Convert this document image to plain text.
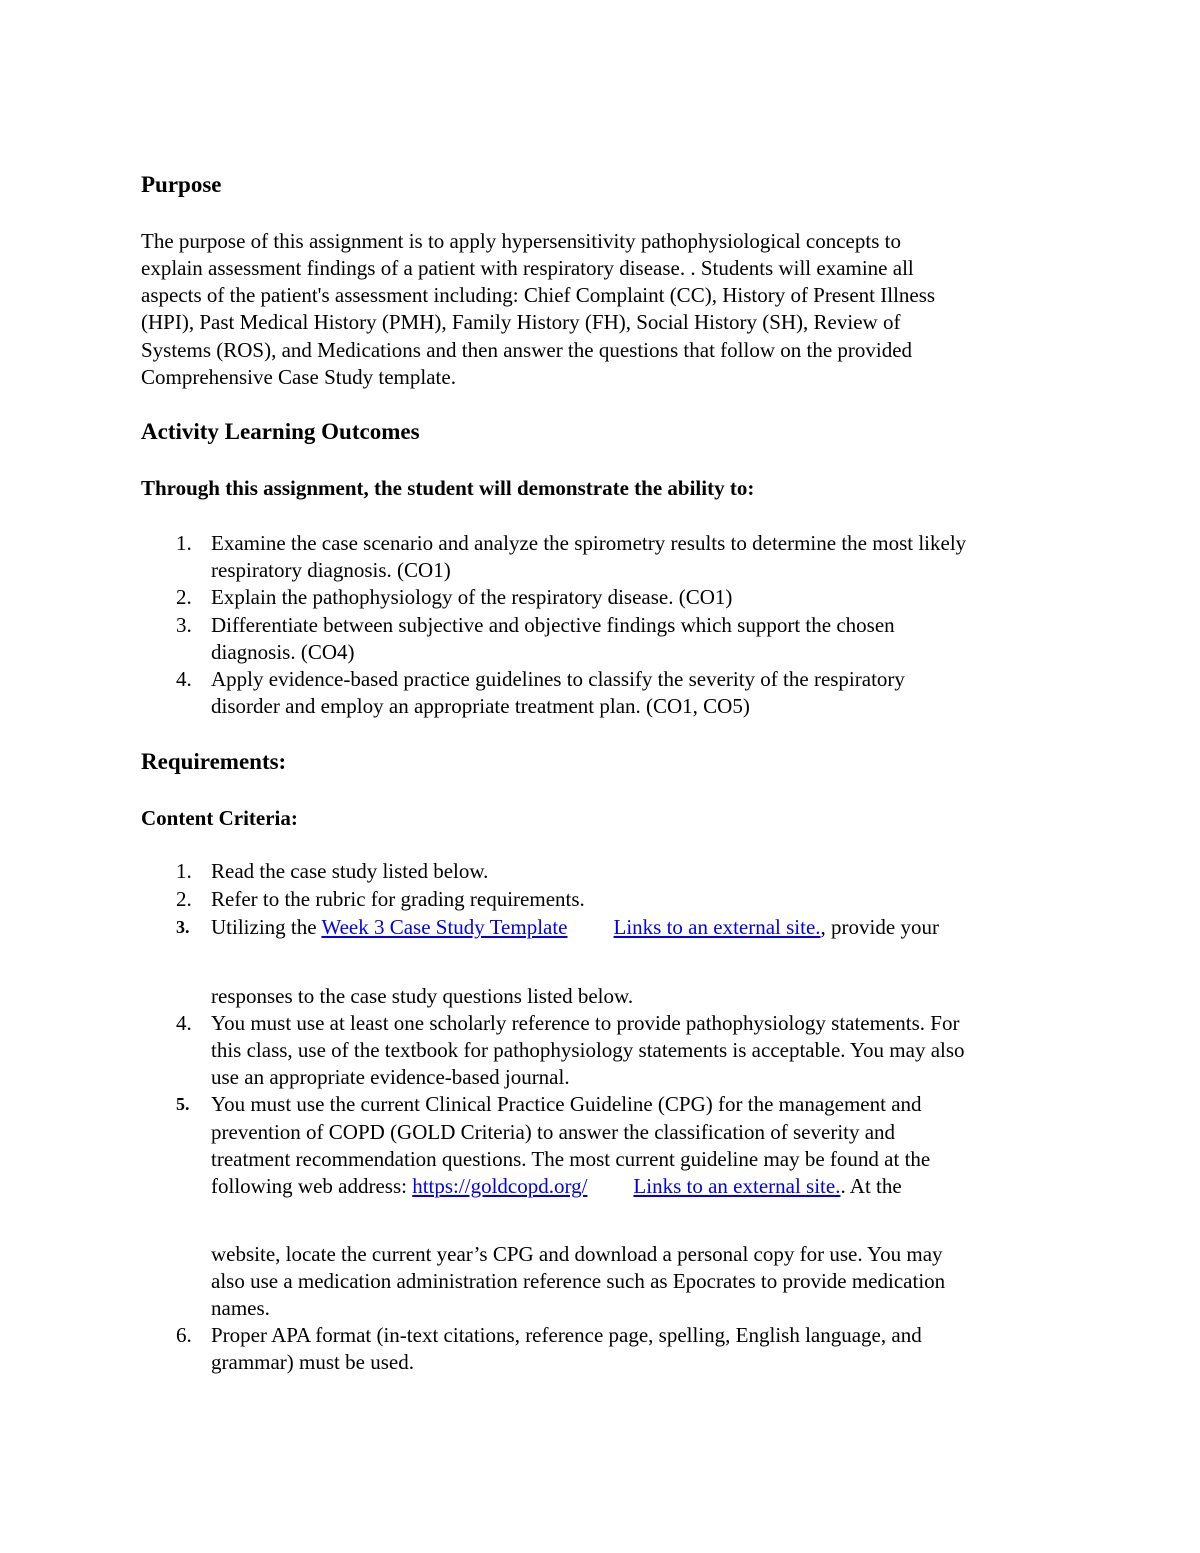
Purpose
The purpose of this assignment is to apply hypersensitivity pathophysiological concepts to
explain assessment findings of a patient with respiratory disease. . Students will examine all
aspects of the patient's assessment including: Chief Complaint (CC), History of Present Illness
(HPI), Past Medical History (PMH), Family History (FH), Social History (SH), Review of
Systems (ROS), and Medications and then answer the questions that follow on the provided
Comprehensive Case Study template.
Activity Learning Outcomes
Through this assignment, the student will demonstrate the ability to:
1. Examine the case scenario and analyze the spirometry results to determine the most likely
respiratory diagnosis. (CO1)
2. Explain the pathophysiology of the respiratory disease. (CO1)
3. Differentiate between subjective and objective findings which support the chosen
diagnosis. (CO4)
4. Apply evidence-based practice guidelines to classify the severity of the respiratory
disorder and employ an appropriate treatment plan. (CO1, CO5)
Requirements:
Content Criteria:
1. Read the case study listed below.
2. Refer to the rubric for grading requirements.
3. Utilizing the Week 3 Case Study Template Links to an external site., provide your
responses to the case study questions listed below.
4. You must use at least one scholarly reference to provide pathophysiology statements. For
this class, use of the textbook for pathophysiology statements is acceptable. You may also
use an appropriate evidence-based journal.
5. You must use the current Clinical Practice Guideline (CPG) for the management and
prevention of COPD (GOLD Criteria) to answer the classification of severity and
treatment recommendation questions. The most current guideline may be found at the
following web address: https://goldcopd.org/ Links to an external site.. At the
website, locate the current year’s CPG and download a personal copy for use. You may
also use a medication administration reference such as Epocrates to provide medication
names.
6. Proper APA format (in-text citations, reference page, spelling, English language, and
grammar) must be used.
